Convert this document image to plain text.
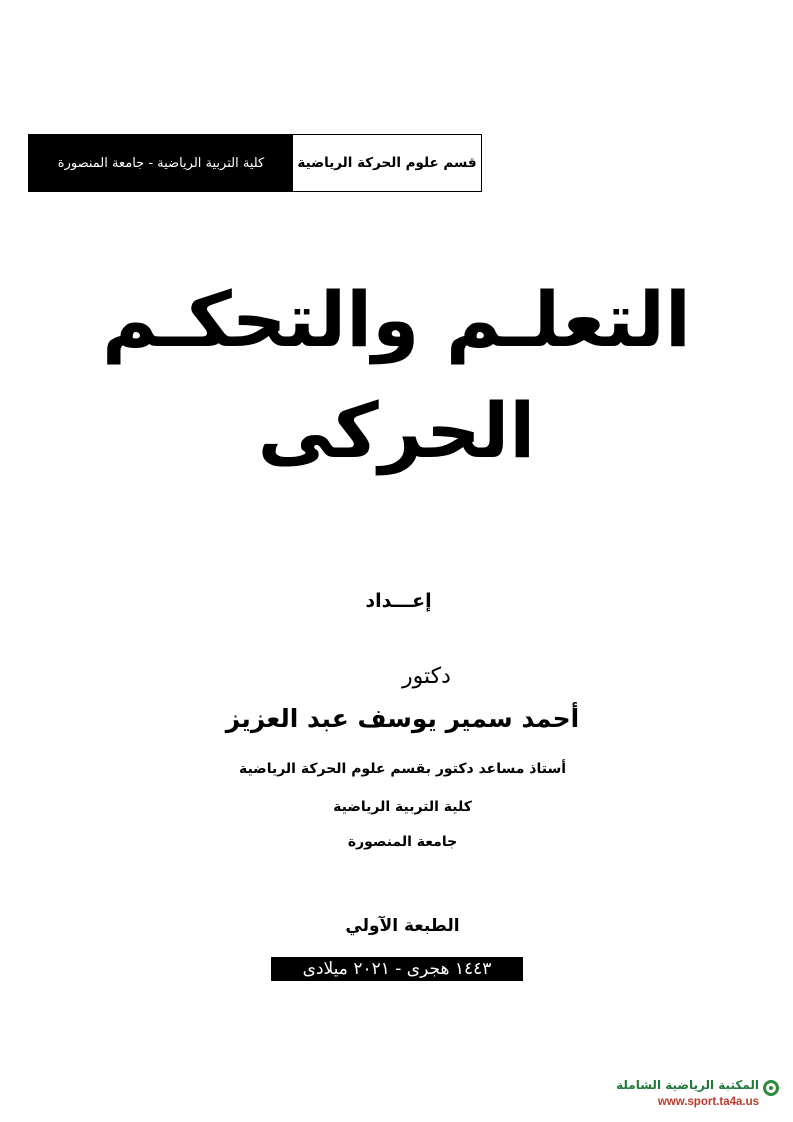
كلية التربية الرياضية - جامعة المنصورة	قسم علوم الحركة الرياضية
التعلـم والتحكـم
الحركى
إعـــداد
دكتور
أحمد سمير يوسف عبد العزيز
أستاذ مساعد دكتور بقسم علوم الحركة الرياضية
كلية التربية الرياضية
جامعة المنصورة
الطبعة الآولي
١٤٤٣ هجرى - ٢٠٢١ ميلادى
المكتبة الرياضية الشاملة
www.sport.ta4a.us
